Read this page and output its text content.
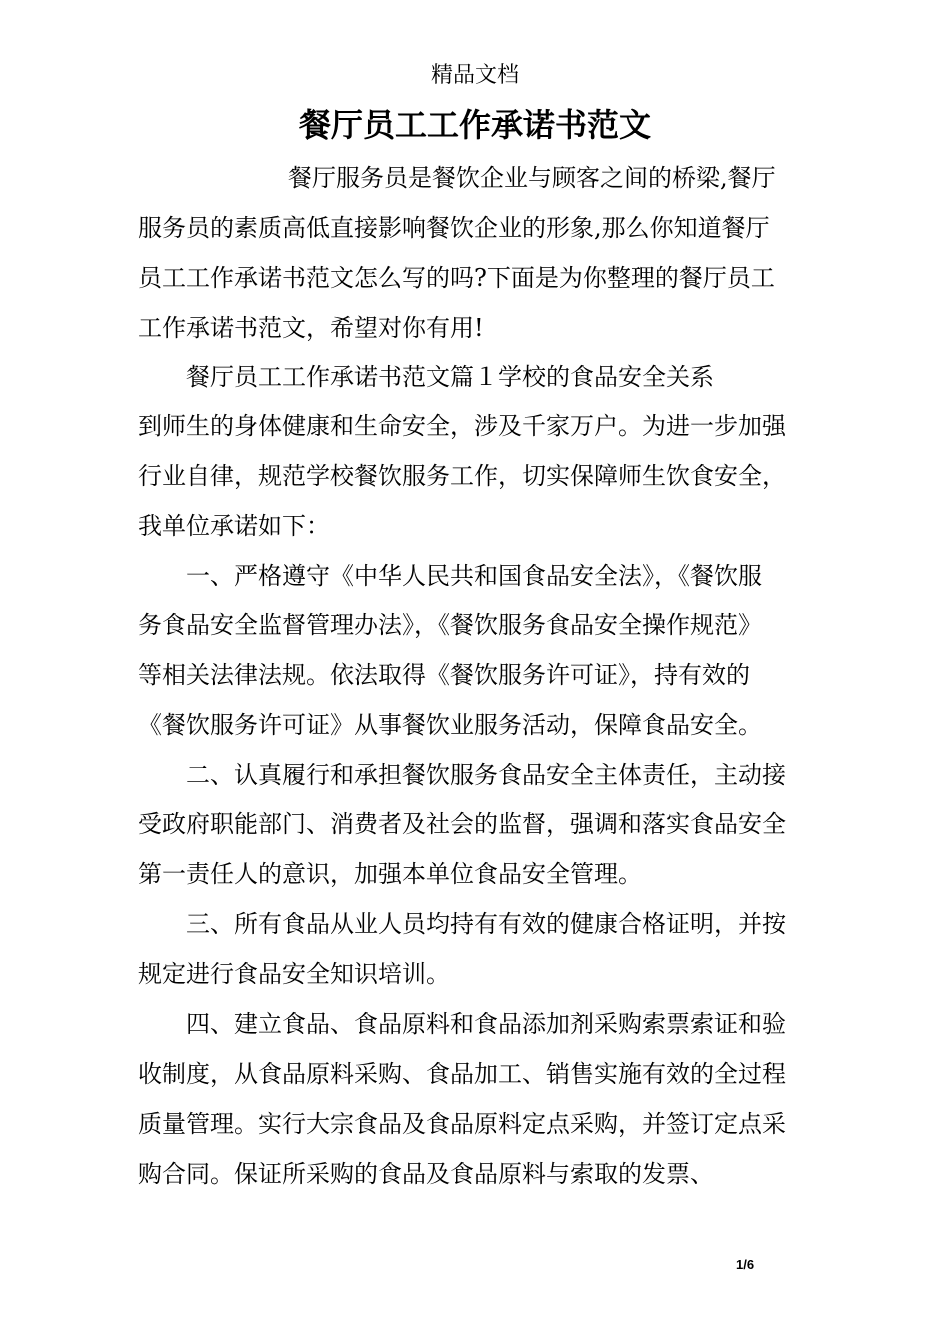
精品文档
餐厅员工工作承诺书范文
餐厅服务员是餐饮企业与顾客之间的桥梁,餐厅
服务员的素质高低直接影响餐饮企业的形象,那么你知道餐厅
员工工作承诺书范文怎么写的吗?下面是为你整理的餐厅员工
工作承诺书范文，希望对你有用!
餐厅员工工作承诺书范文篇１学校的食品安全关系
到师生的身体健康和生命安全，涉及千家万户。为进一步加强
行业自律，规范学校餐饮服务工作，切实保障师生饮食安全，
我单位承诺如下：
一、严格遵守《中华人民共和国食品安全法》，《餐饮服
务食品安全监督管理办法》，《餐饮服务食品安全操作规范》
等相关法律法规。依法取得《餐饮服务许可证》，持有效的
《餐饮服务许可证》从事餐饮业服务活动，保障食品安全。
二、认真履行和承担餐饮服务食品安全主体责任，主动接
受政府职能部门、消费者及社会的监督，强调和落实食品安全
第一责任人的意识，加强本单位食品安全管理。
三、所有食品从业人员均持有有效的健康合格证明，并按
规定进行食品安全知识培训。
四、建立食品、食品原料和食品添加剂采购索票索证和验
收制度，从食品原料采购、食品加工、销售实施有效的全过程
质量管理。实行大宗食品及食品原料定点采购，并签订定点采
购合同。保证所采购的食品及食品原料与索取的发票、
1/6
